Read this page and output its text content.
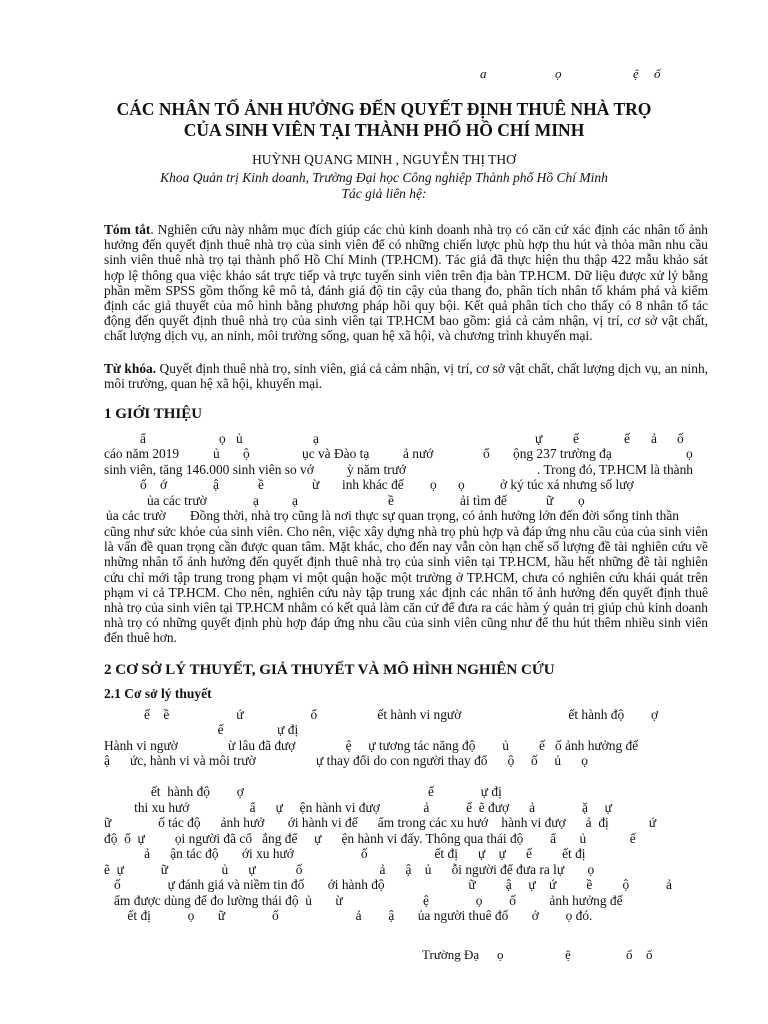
a	ọ	ệ ố
CÁC NHÂN TỐ ẢNH HƯỞNG ĐẾN QUYẾT ĐỊNH THUÊ NHÀ TRỌ
CỦA SINH VIÊN TẠI THÀNH PHỐ HỒ CHÍ MINH
HUỲNH QUANG MINH , NGUYỄN THỊ THƠ
Khoa Quản trị Kinh doanh, Trường Đại học Công nghiệp Thành phố Hồ Chí Minh
Tác giả liên hệ:
Tóm tắt. Nghiên cứu này nhằm mục đích giúp các chủ kinh doanh nhà trọ có căn cứ xác định các nhân tố ảnh hưởng đến quyết định thuê nhà trọ của sinh viên để có những chiến lược phù hợp thu hút và thỏa mãn nhu cầu sinh viên thuê nhà trọ tại thành phố Hồ Chí Minh (TP.HCM). Tác giả đã thực hiện thu thập 422 mẫu khảo sát hợp lệ thông qua việc khảo sát trực tiếp và trực tuyến sinh viên trên địa bàn TP.HCM. Dữ liệu được xử lý bằng phần mềm SPSS gồm thống kê mô tả, đánh giá độ tin cậy của thang đo, phân tích nhân tố khám phá và kiểm định các giả thuyết của mô hình bằng phương pháp hồi quy bội. Kết quả phân tích cho thấy có 8 nhân tố tác động đến quyết định thuê nhà trọ của sinh viên tại TP.HCM bao gồm: giá cả cảm nhận, vị trí, cơ sở vật chất, chất lượng dịch vụ, an ninh, môi trường sống, quan hệ xã hội, và chương trình khuyến mại.
Từ khóa. Quyết định thuê nhà trọ, sinh viên, giá cả cảm nhận, vị trí, cơ sở vật chất, chất lượng dịch vụ, an ninh, môi trường, quan hệ xã hội, khuyến mại.
1 GIỚI THIỆU
ẩ	ọ ủ	ạ	ự ế	ế ả ố
cáo năm 2019	ủ ộ	ục và Đào tạ	ả nướ	ổ ộng 237 trường đạ	ọ
sinh viên, tăng 146.000 sinh viên so vớ ỳ năm trướ	. Trong đó, TP.HCM là thành
ố ớ	ậ	ề	ừ inh khác đế ọ ọ	ở ký túc xá nhưng số lượ
ủa các trườ	ạ ạ	ề	ải tìm đế	ữ ọ
ủa các trườ Đồng thời, nhà trọ cũng là nơi thực sự quan trọng, có ảnh hưởng lớn đến đời sống tinh thần
cũng như sức khỏe của sinh viên. Cho nên, việc xây dựng nhà trọ phù hợp và đáp ứng nhu cầu của của sinh viên là vấn đề quan trọng cần được quan tâm. Mặt khác, cho đến nay vẫn còn hạn chế số lượng đề tài nghiên cứu về những nhân tố ảnh hưởng đến quyết định thuê nhà trọ của sinh viên tại TP.HCM, hầu hết những đề tài nghiên cứu chỉ mới tập trung trong phạm vi một quận hoặc một trường ở TP.HCM, chưa có nghiên cứu khái quát trên phạm vi cả TP.HCM. Cho nên, nghiên cứu này tập trung xác định các nhân tố ảnh hưởng đến quyết định thuê nhà trọ của sinh viên tại TP.HCM nhằm có kết quả làm căn cứ để đưa ra các hàm ý quản trị giúp chủ kinh doanh nhà trọ có những quyết định phù hợp đáp ứng nhu cầu của sinh viên cũng như để thu hút thêm nhiều sinh viên đến thuê hơn.
2 CƠ SỞ LÝ THUYẾT, GIẢ THUYẾT VÀ MÔ HÌNH NGHIÊN CỨU
2.1 Cơ sở lý thuyết
ế    ề                    ứ                    ổ                  ết hành vi ngườ                                ết hành độ        ợ
ế                ự đị
Hành vi ngườ               ừ lâu đã đượ               ệ     ự tương tác năng độ        ủ         ế   ố ảnh hưởng đế
ậ      ức, hành vi và môi trườ                  ự thay đổi do con người thay đổ      ộ     ố     ủ      ọ
ết  hành độ        ợ                                                       ế              ự đị
thi xu hướ                  ẩ      ự     ện hành vi đượ             ả           ế  ẽ đượ      ả              ặ     ự
ữ              ố tác độ      ảnh hưở       ới hành vi để      ẩm trong các xu hướ    hành vi đượ      ả  đị            ứ
độ  ổ  ự         ọi người đã cổ   ắng để     ự      ện hành vi đấy. Thông qua thái độ        ẩ       ủ             ế
ả      ận tác độ       ới xu hướ                    ố                    ết đị      ự    ự      ế         ết đị
ẽ  ự           ữ                ủ      ự            ố                       ả      ậ    ủ      ỗi người để đưa ra lự       ọ
ố              ự đánh giá và niềm tin đố       ới hành độ                         ữ         ậ     ự    ứ         ề         ộ           ả
ẩm được dùng để đo lường thái độ  ủ       ừ                        ệ              ọ        ố          ảnh hưởng đế
ết đị           ọ       ữ              ố                       ả        ậ       ủa người thuê đố       ở        ọ đó.
Trường Đạ ọ	ệ	ố ố
